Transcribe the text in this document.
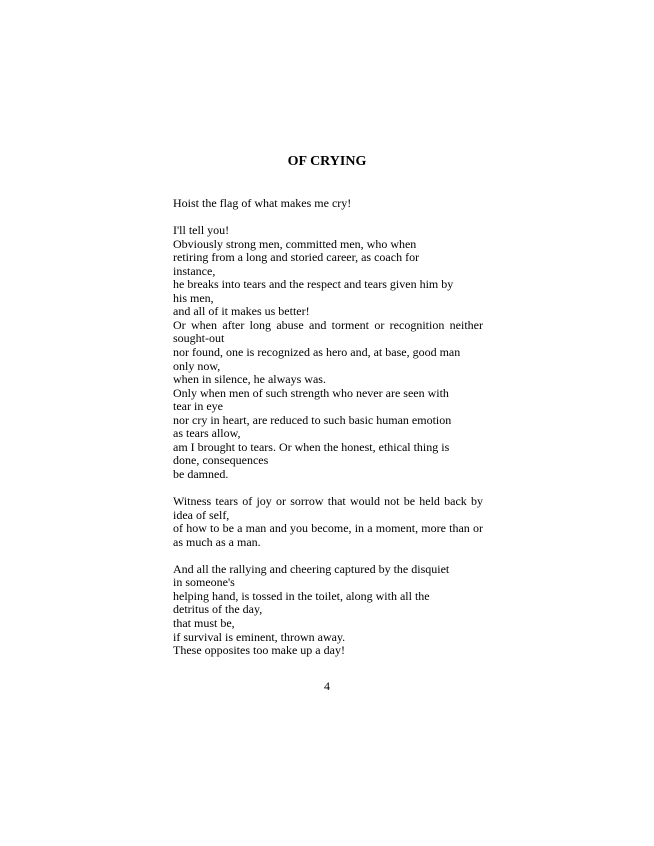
OF CRYING
Hoist the flag of what makes me cry!
I'll tell you!
Obviously strong men, committed men, who when
retiring from a long and storied career, as coach for
instance,
he breaks into tears and the respect and tears given him by
his men,
and all of it makes us better!
Or when after long abuse and torment or recognition neither
sought-out
nor found, one is recognized as hero and, at base, good man
only now,
when in silence, he always was.
Only when men of such strength who never are seen with
tear in eye
nor cry in heart, are reduced to such basic human emotion
as tears allow,
am I brought to tears. Or when the honest, ethical thing is
done, consequences
be damned.
Witness tears of joy or sorrow that would not be held back by
idea of self,
of how to be a man and you become, in a moment, more than or
as much as a man.
And all the rallying and cheering captured by the disquiet
in someone's
helping hand, is tossed in the toilet, along with all the
detritus of the day,
that must be,
if survival is eminent, thrown away.
These opposites too make up a day!
4
